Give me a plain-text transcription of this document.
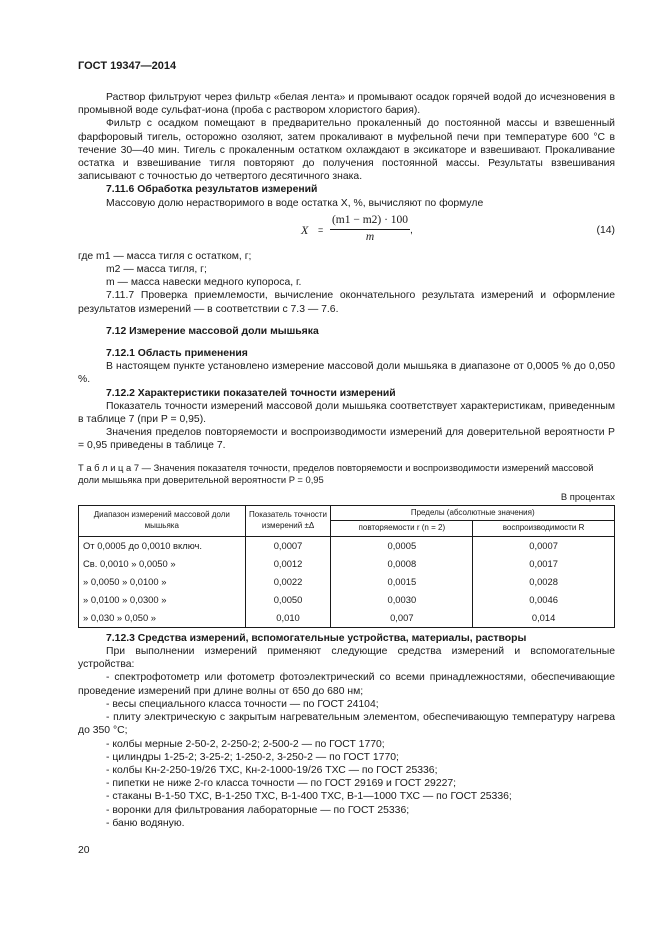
ГОСТ 19347—2014

Раствор фильтруют через фильтр «белая лента» и промывают осадок горячей водой до исчезновения в промывной воде сульфат-иона (проба с раствором хлористого бария).

Фильтр с осадком помещают в предварительно прокаленный до постоянной массы и взвешенный фарфоровый тигель, осторожно озоляют, затем прокаливают в муфельной печи при температуре 600 °С в течение 30—40 мин. Тигель с прокаленным остатком охлаждают в эксикаторе и взвешивают. Прокаливание остатка и взвешивание тигля повторяют до получения постоянной массы. Результаты взвешивания записывают с точностью до четвертого десятичного знака.

7.11.6 Обработка результатов измерений

Массовую долю нерастворимого в воде остатка X, %, вычисляют по формуле

$X = \frac{(m1 - m2) \cdot 100}{m}$ ,	(14)

где m1 — масса тигля с остатком, г;

m2 — масса тигля, г;

m — масса навески медного купороса, г.

7.11.7 Проверка приемлемости, вычисление окончательного результата измерений и оформление результатов измерений — в соответствии с 7.3 — 7.6.

7.12 Измерение массовой доли мышьяка

7.12.1 Область применения

В настоящем пункте установлено измерение массовой доли мышьяка в диапазоне от 0,0005 % до 0,050 %.

7.12.2 Характеристики показателей точности измерений

Показатель точности измерений массовой доли мышьяка соответствует характеристикам, приведенным в таблице 7 (при P = 0,95).

Значения пределов повторяемости и воспроизводимости измерений для доверительной вероятности P = 0,95 приведены в таблице 7.

Т а б л и ц а 7 — Значения показателя точности, пределов повторяемости и воспроизводимости измерений массовой доли мышьяка при доверительной вероятности P = 0,95

В процентах
Диапазон измерений массовой доли мышьяка	Показатель точности измерений ±Δ	Пределы (абсолютные значения)	
		повторяемости r (n = 2)	воспроизводимости R
От 0,0005 до 0,0010 включ.	0,0007	0,0005	0,0007
Св. 0,0010 » 0,0050 »	0,0012	0,0008	0,0017
» 0,0050 » 0,0100 »	0,0022	0,0015	0,0028
» 0,0100 » 0,0300 »	0,0050	0,0030	0,0046
» 0,030 » 0,050 »	0,010	0,007	0,014

7.12.3 Средства измерений, вспомогательные устройства, материалы, растворы

При выполнении измерений применяют следующие средства измерений и вспомогательные устройства:

- спектрофотометр или фотометр фотоэлектрический со всеми принадлежностями, обеспечивающие проведение измерений при длине волны от 650 до 680 нм;

- весы специального класса точности — по ГОСТ 24104;

- плиту электрическую с закрытым нагревательным элементом, обеспечивающую температуру нагрева до 350 °С;

- колбы мерные 2-50-2, 2-250-2; 2-500-2 — по ГОСТ 1770;

- цилиндры 1-25-2; 3-25-2; 1-250-2, 3-250-2 — по ГОСТ 1770;

- колбы Кн-2-250-19/26 ТХС, Кн-2-1000-19/26 ТХС — по ГОСТ 25336;

- пипетки не ниже 2-го класса точности — по ГОСТ 29169 и ГОСТ 29227;

- стаканы В-1-50 ТХС, В-1-250 ТХС, В-1-400 ТХС, В-1—1000 ТХС — по ГОСТ 25336;

- воронки для фильтрования лабораторные — по ГОСТ 25336;

- баню водяную.

20
